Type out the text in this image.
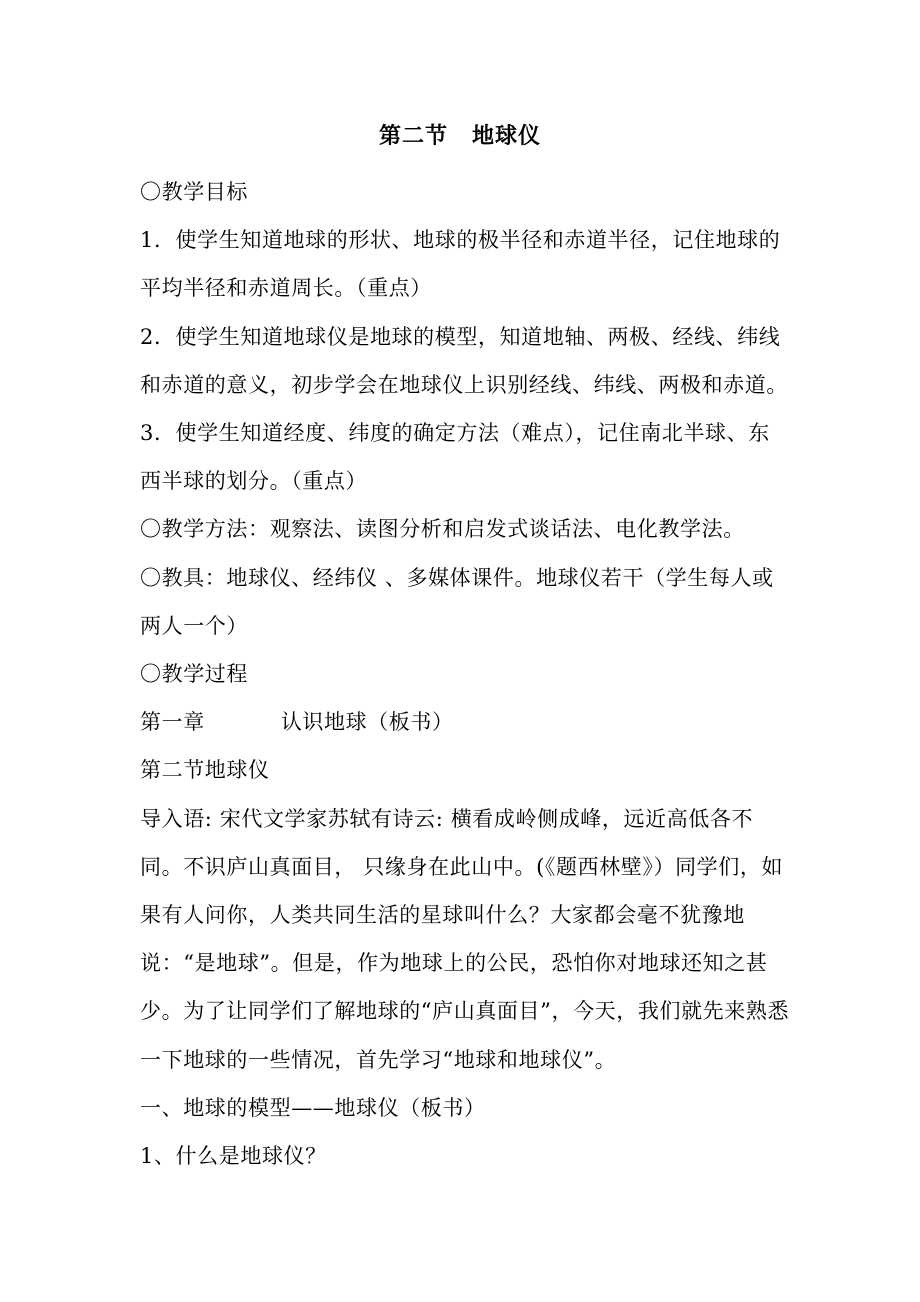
第二节 地球仪

〇教学目标

1．使学生知道地球的形状、地球的极半径和赤道半径，记住地球的平均半径和赤道周长。（重点）

2．使学生知道地球仪是地球的模型，知道地轴、两极、经线、纬线和赤道的意义，初步学会在地球仪上识别经线、纬线、两极和赤道。

3．使学生知道经度、纬度的确定方法（难点），记住南北半球、东西半球的划分。（重点）

〇教学方法：观察法、读图分析和启发式谈话法、电化教学法。

〇教具：地球仪、经纬仪 、多媒体课件。地球仪若干（学生每人或两人一个）

〇教学过程

第一章	认识地球（板书）

第二节地球仪

导入语: 宋代文学家苏轼有诗云: 横看成岭侧成峰，远近高低各不同。不识庐山真面目， 只缘身在此山中。(《题西林壁》）同学们，如果有人问你，人类共同生活的星球叫什么？大家都会毫不犹豫地说：“是地球”。但是，作为地球上的公民，恐怕你对地球还知之甚少。为了让同学们了解地球的“庐山真面目”，今天，我们就先来熟悉一下地球的一些情况，首先学习“地球和地球仪”。

一、地球的模型——地球仪（板书）

1、什么是地球仪？
